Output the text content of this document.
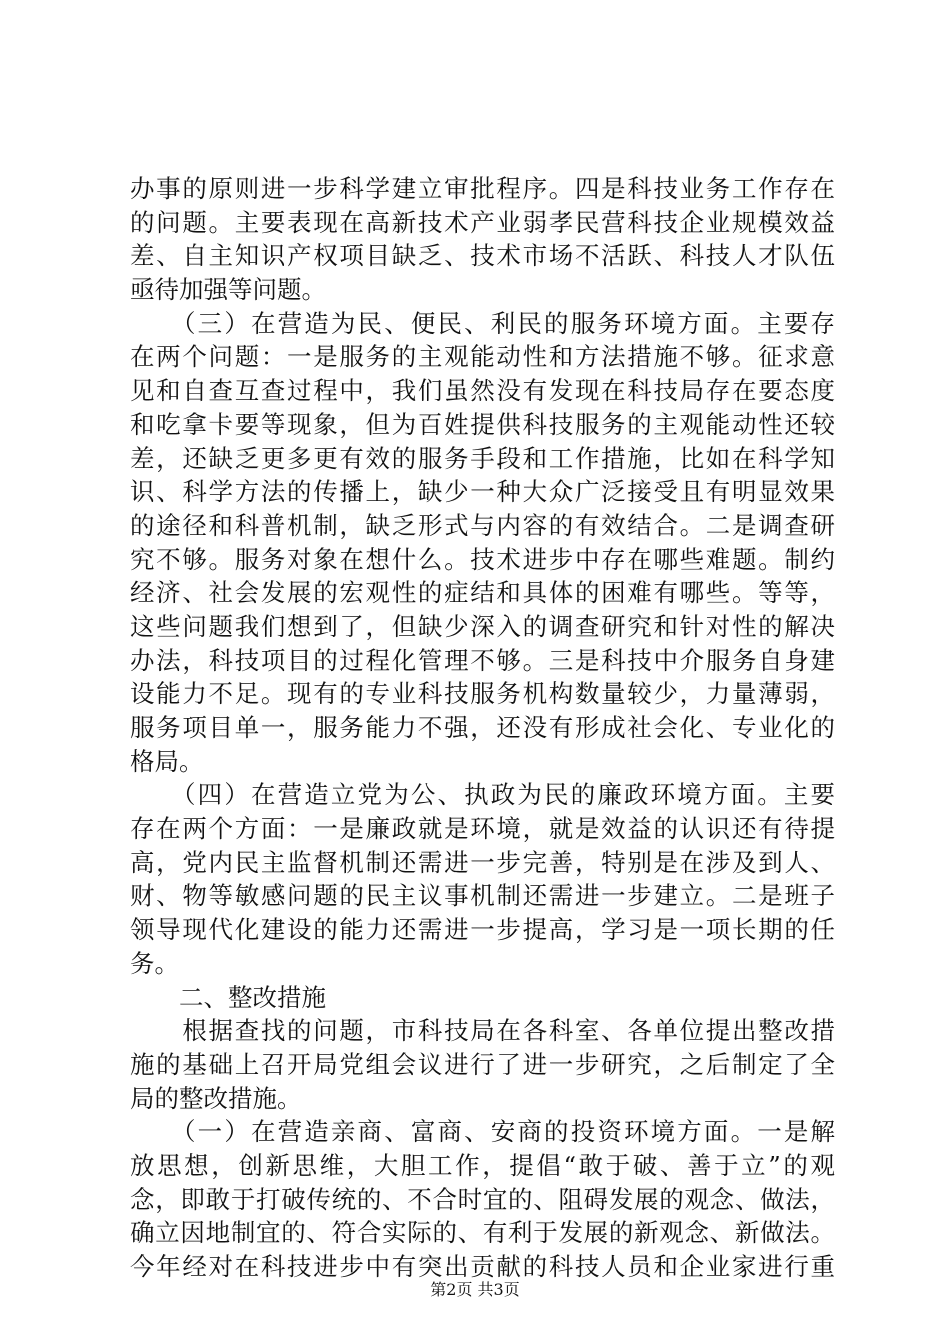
办事的原则进一步科学建立审批程序。四是科技业务工作存在
的问题。主要表现在高新技术产业弱孝民营科技企业规模效益
差、自主知识产权项目缺乏、技术市场不活跃、科技人才队伍
亟待加强等问题。
　　（三）在营造为民、便民、利民的服务环境方面。主要存
在两个问题：一是服务的主观能动性和方法措施不够。征求意
见和自查互查过程中，我们虽然没有发现在科技局存在要态度
和吃拿卡要等现象，但为百姓提供科技服务的主观能动性还较
差，还缺乏更多更有效的服务手段和工作措施，比如在科学知
识、科学方法的传播上，缺少一种大众广泛接受且有明显效果
的途径和科普机制，缺乏形式与内容的有效结合。二是调查研
究不够。服务对象在想什么。技术进步中存在哪些难题。制约
经济、社会发展的宏观性的症结和具体的困难有哪些。等等，
这些问题我们想到了，但缺少深入的调查研究和针对性的解决
办法，科技项目的过程化管理不够。三是科技中介服务自身建
设能力不足。现有的专业科技服务机构数量较少，力量薄弱，
服务项目单一，服务能力不强，还没有形成社会化、专业化的
格局。
　　（四）在营造立党为公、执政为民的廉政环境方面。主要
存在两个方面：一是廉政就是环境，就是效益的认识还有待提
高，党内民主监督机制还需进一步完善，特别是在涉及到人、
财、物等敏感问题的民主议事机制还需进一步建立。二是班子
领导现代化建设的能力还需进一步提高，学习是一项长期的任
务。
　　二、整改措施
　　根据查找的问题，市科技局在各科室、各单位提出整改措
施的基础上召开局党组会议进行了进一步研究，之后制定了全
局的整改措施。
　　（一）在营造亲商、富商、安商的投资环境方面。一是解
放思想，创新思维，大胆工作，提倡“敢于破、善于立”的观
念，即敢于打破传统的、不合时宜的、阻碍发展的观念、做法，
确立因地制宜的、符合实际的、有利于发展的新观念、新做法。
今年经对在科技进步中有突出贡献的科技人员和企业家进行重
第2页 共3页
